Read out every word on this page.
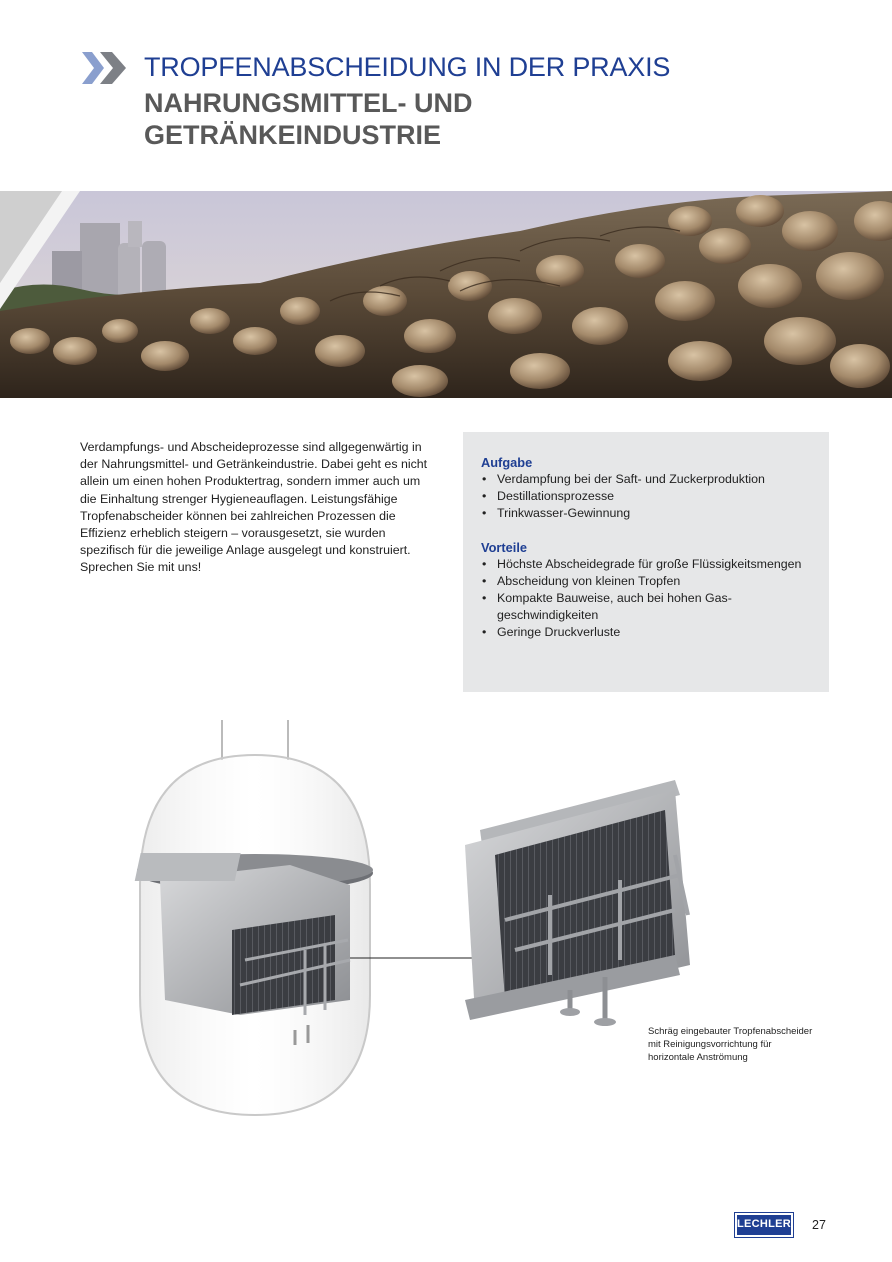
TROPFENABSCHEIDUNG IN DER PRAXIS
NAHRUNGSMITTEL- UND GETRÄNKEINDUSTRIE
Verdampfungs- und Abscheideprozesse sind allgegenwärtig in der Nahrungsmittel- und Getränkeindustrie. Dabei geht es nicht allein um einen hohen Produktertrag, sondern immer auch um die Einhaltung strenger Hygieneauflagen. Leistungsfähige Tropfenabscheider können bei zahlreichen Prozessen die Effizienz erheblich steigern – vorausgesetzt, sie wurden spezifisch für die jeweilige Anlage ausgelegt und konstruiert. Sprechen Sie mit uns!
Aufgabe
• Verdampfung bei der Saft- und Zuckerproduktion
• Destillationsprozesse
• Trinkwasser-Gewinnung
Vorteile
• Höchste Abscheidegrade für große Flüssigkeitsmengen
• Abscheidung von kleinen Tropfen
• Kompakte Bauweise, auch bei hohen Gasgeschwindigkeiten
• Geringe Druckverluste
Schräg eingebauter Tropfenabscheider mit Reinigungsvorrichtung für horizontale Anströmung
LECHLER 27
